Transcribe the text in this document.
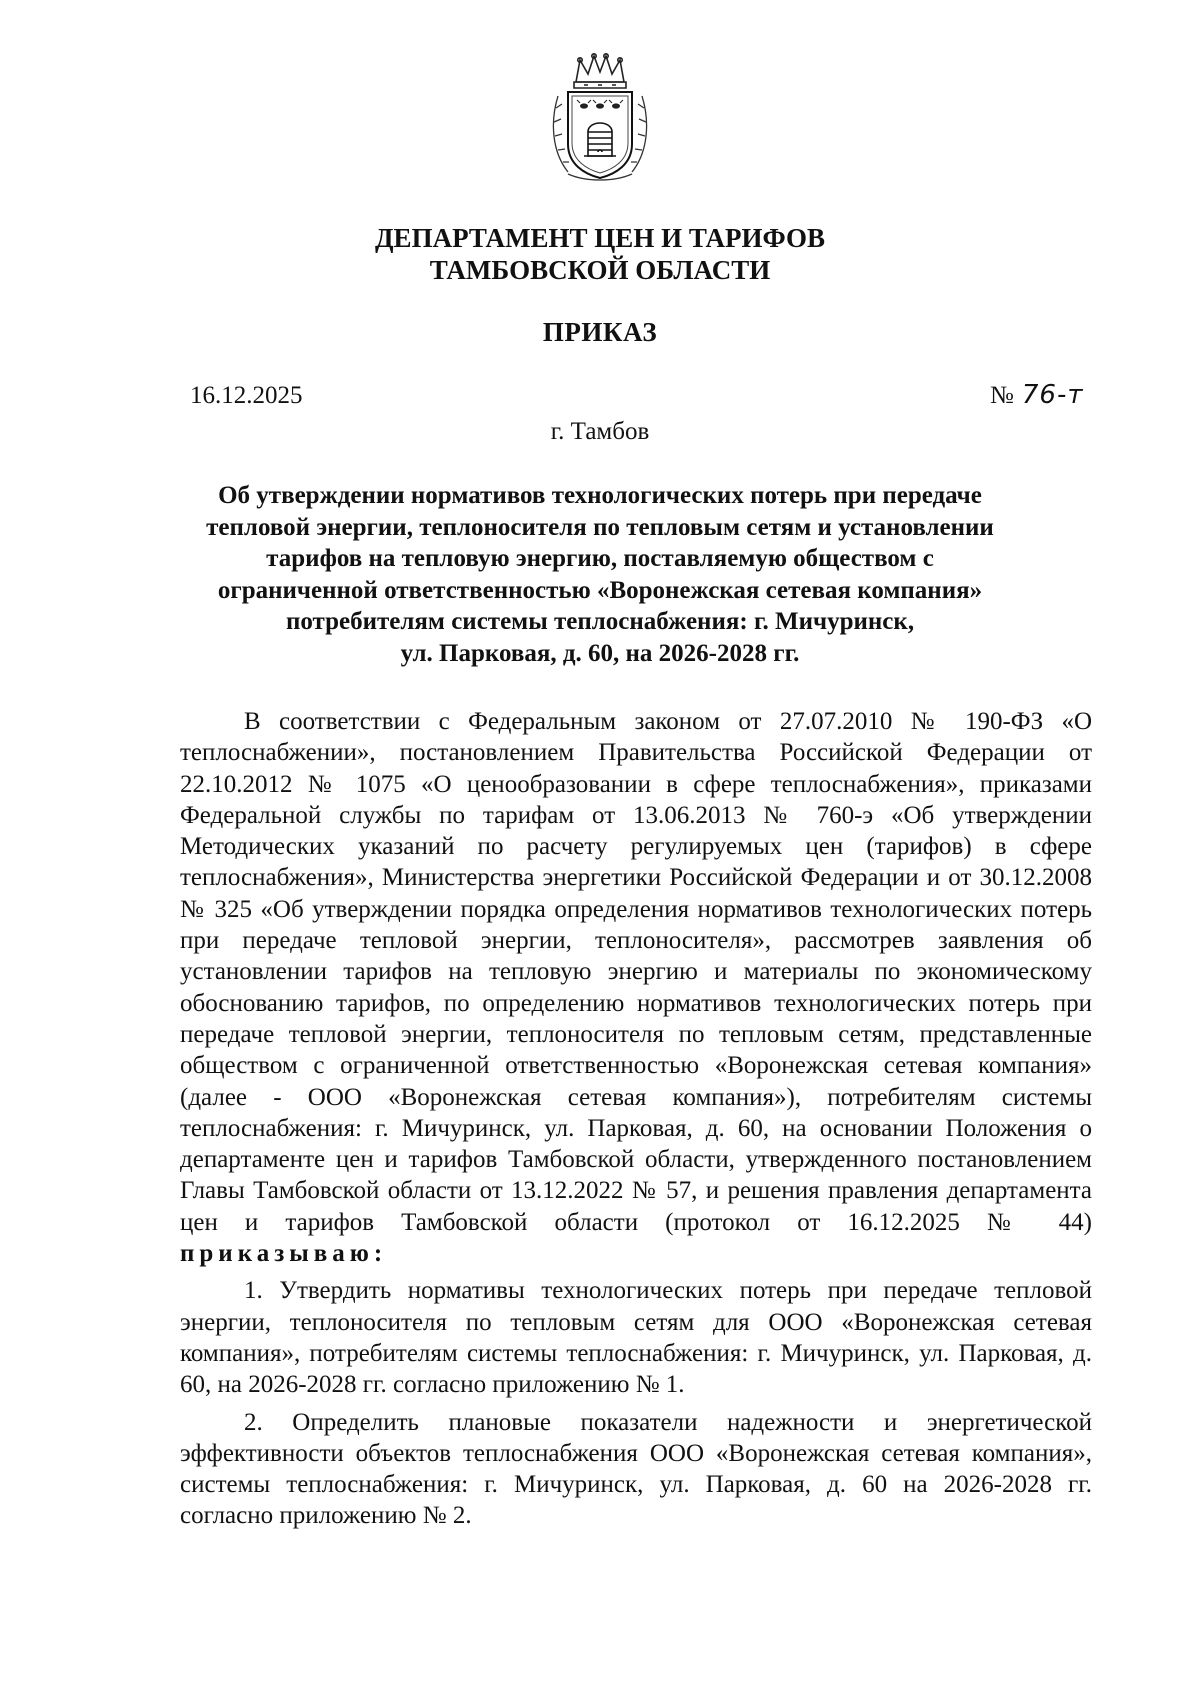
ДЕПАРТАМЕНТ ЦЕН И ТАРИФОВ
ТАМБОВСКОЙ ОБЛАСТИ
ПРИКАЗ
16.12.2025	№ 76-т
г. Тамбов
Об утверждении нормативов технологических потерь при передаче
тепловой энергии, теплоносителя по тепловым сетям и установлении
тарифов на тепловую энергию, поставляемую обществом с
ограниченной ответственностью «Воронежская сетевая компания»
потребителям системы теплоснабжения: г. Мичуринск,
ул. Парковая, д. 60, на 2026-2028 гг.

В соответствии с Федеральным законом от 27.07.2010 № 190-ФЗ «О теплоснабжении», постановлением Правительства Российской Федерации от 22.10.2012 № 1075 «О ценообразовании в сфере теплоснабжения», приказами Федеральной службы по тарифам от 13.06.2013 № 760-э «Об утверждении Методических указаний по расчету регулируемых цен (тарифов) в сфере теплоснабжения», Министерства энергетики Российской Федерации и от 30.12.2008 № 325 «Об утверждении порядка определения нормативов технологических потерь при передаче тепловой энергии, теплоносителя», рассмотрев заявления об установлении тарифов на тепловую энергию и материалы по экономическому обоснованию тарифов, по определению нормативов технологических потерь при передаче тепловой энергии, теплоносителя по тепловым сетям, представленные обществом с ограниченной ответственностью «Воронежская сетевая компания» (далее - ООО «Воронежская сетевая компания»), потребителям системы теплоснабжения: г. Мичуринск, ул. Парковая, д. 60, на основании Положения о департаменте цен и тарифов Тамбовской области, утвержденного постановлением Главы Тамбовской области от 13.12.2022 № 57, и решения правления департамента цен и тарифов Тамбовской области (протокол от 16.12.2025 № 44) приказываю:

1. Утвердить нормативы технологических потерь при передаче тепловой энергии, теплоносителя по тепловым сетям для ООО «Воронежская сетевая компания», потребителям системы теплоснабжения: г. Мичуринск, ул. Парковая, д. 60, на 2026-2028 гг. согласно приложению № 1.

2. Определить плановые показатели надежности и энергетической эффективности объектов теплоснабжения ООО «Воронежская сетевая компания», системы теплоснабжения: г. Мичуринск, ул. Парковая, д. 60 на 2026-2028 гг. согласно приложению № 2.
